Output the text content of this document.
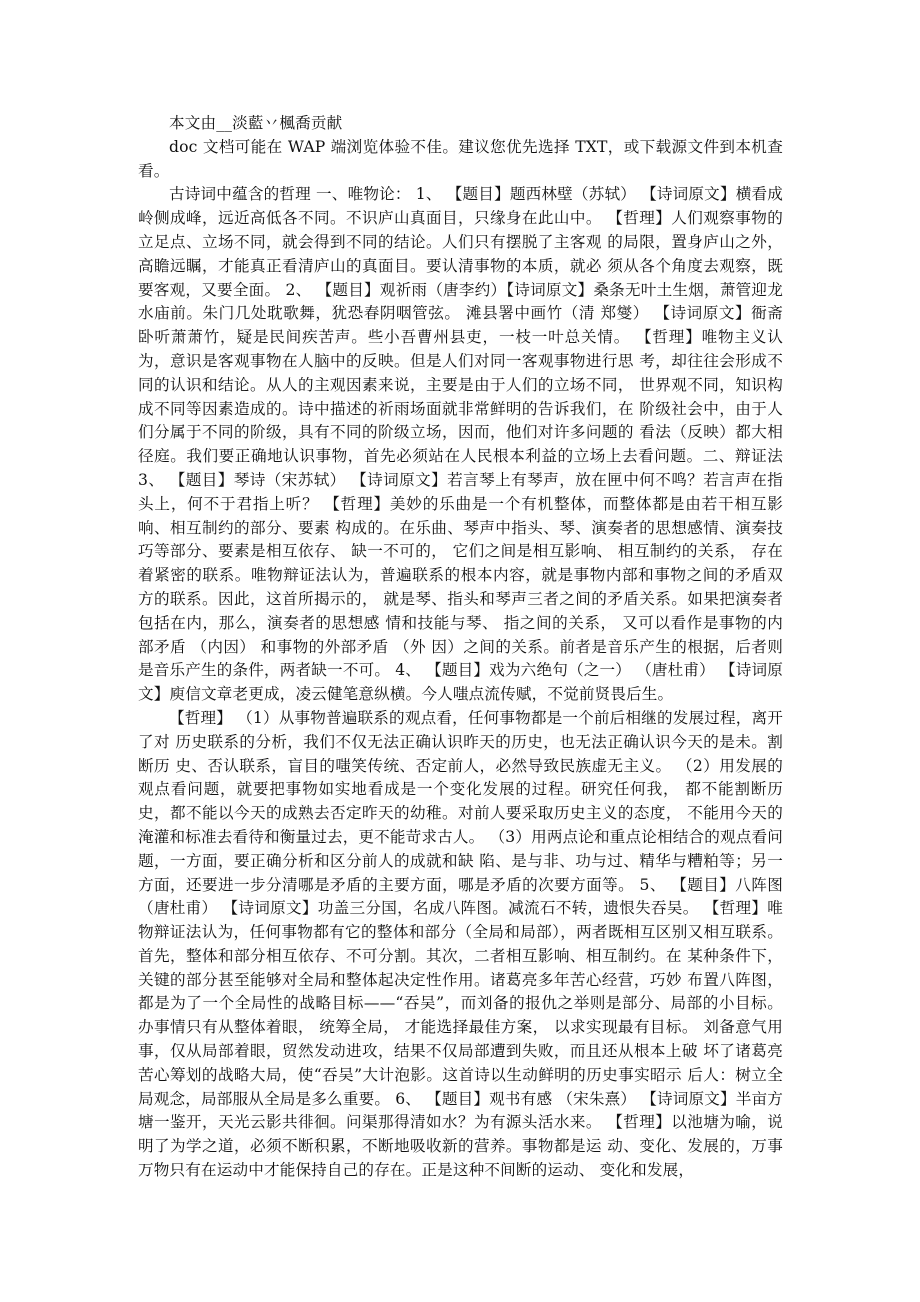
本文由__淡藍丷楓喬贡献

doc 文档可能在 WAP 端浏览体验不佳。建议您优先选择 TXT，或下载源文件到本机查看。

古诗词中蕴含的哲理 一、唯物论： 1、 【题目】题西林壁（苏轼） 【诗词原文】横看成岭侧成峰，远近高低各不同。不识庐山真面目，只缘身在此山中。 【哲理】人们观察事物的立足点、立场不同，就会得到不同的结论。人们只有摆脱了主客观 的局限，置身庐山之外，高瞻远瞩，才能真正看清庐山的真面目。要认清事物的本质，就必 须从各个角度去观察，既要客观，又要全面。 2、 【题目】观祈雨（唐李约）【诗词原文】桑条无叶土生烟，萧管迎龙水庙前。朱门几处耽歌舞，犹恐春阴咽管弦。 滩县署中画竹（清 郑燮） 【诗词原文】衙斋卧听萧萧竹，疑是民间疾苦声。些小吾曹州县吏，一枝一叶总关情。 【哲理】唯物主义认为，意识是客观事物在人脑中的反映。但是人们对同一客观事物进行思 考，却往往会形成不同的认识和结论。从人的主观因素来说，主要是由于人们的立场不同， 世界观不同，知识构成不同等因素造成的。诗中描述的祈雨场面就非常鲜明的告诉我们，在 阶级社会中，由于人们分属于不同的阶级，具有不同的阶级立场，因而，他们对许多问题的 看法（反映）都大相径庭。我们要正确地认识事物，首先必须站在人民根本利益的立场上去看问题。二、辩证法3、 【题目】琴诗（宋苏轼） 【诗词原文】若言琴上有琴声，放在匣中何不鸣？若言声在指头上，何不于君指上听？ 【哲理】美妙的乐曲是一个有机整体，而整体都是由若干相互影响、相互制约的部分、要素 构成的。在乐曲、琴声中指头、琴、演奏者的思想感情、演奏技巧等部分、要素是相互依存、 缺一不可的， 它们之间是相互影响、 相互制约的关系， 存在着紧密的联系。唯物辩证法认为，普遍联系的根本内容，就是事物内部和事物之间的矛盾双方的联系。因此，这首所揭示的， 就是琴、指头和琴声三者之间的矛盾关系。如果把演奏者包括在内，那么，演奏者的思想感 情和技能与琴、 指之间的关系， 又可以看作是事物的内部矛盾 （内因） 和事物的外部矛盾 （外 因）之间的关系。前者是音乐产生的根据，后者则是音乐产生的条件，两者缺一不可。 4、 【题目】戏为六绝句（之一） （唐杜甫） 【诗词原文】庾信文章老更成，凌云健笔意纵横。今人嗤点流传赋，不觉前贤畏后生。

【哲理】 （1）从事物普遍联系的观点看，任何事物都是一个前后相继的发展过程，离开了对 历史联系的分析，我们不仅无法正确认识昨天的历史，也无法正确认识今天的是未。割断历 史、否认联系，盲目的嗤笑传统、否定前人，必然导致民族虚无主义。 （2）用发展的观点看问题，就要把事物如实地看成是一个变化发展的过程。研究任何我， 都不能割断历史，都不能以今天的成熟去否定昨天的幼稚。对前人要采取历史主义的态度， 不能用今天的淹灌和标准去看待和衡量过去，更不能苛求古人。 （3）用两点论和重点论相结合的观点看问题，一方面，要正确分析和区分前人的成就和缺 陷、是与非、功与过、精华与糟粕等；另一方面，还要进一步分清哪是矛盾的主要方面，哪是矛盾的次要方面等。 5、 【题目】八阵图 （唐杜甫） 【诗词原文】功盖三分国，名成八阵图。减流石不转，遗恨失吞吴。 【哲理】唯物辩证法认为，任何事物都有它的整体和部分（全局和局部），两者既相互区别又相互联系。首先，整体和部分相互依存、不可分割。其次，二者相互影响、相互制约。在 某种条件下，关键的部分甚至能够对全局和整体起决定性作用。诸葛亮多年苦心经营，巧妙 布置八阵图，都是为了一个全局性的战略目标——“吞吴”，而刘备的报仇之举则是部分、局部的小目标。 办事情只有从整体着眼， 统筹全局， 才能选择最佳方案， 以求实现最有目标。 刘备意气用事，仅从局部着眼，贸然发动进攻，结果不仅局部遭到失败，而且还从根本上破 坏了诸葛亮苦心筹划的战略大局，使“吞吴”大计泡影。这首诗以生动鲜明的历史事实昭示 后人：树立全局观念，局部服从全局是多么重要。 6、 【题目】观书有感 （宋朱熹） 【诗词原文】半亩方塘一鉴开，天光云影共徘徊。问渠那得清如水？为有源头活水来。 【哲理】以池塘为喻，说明了为学之道，必须不断积累，不断地吸收新的营养。事物都是运 动、变化、发展的，万事万物只有在运动中才能保持自己的存在。正是这种不间断的运动、 变化和发展，
